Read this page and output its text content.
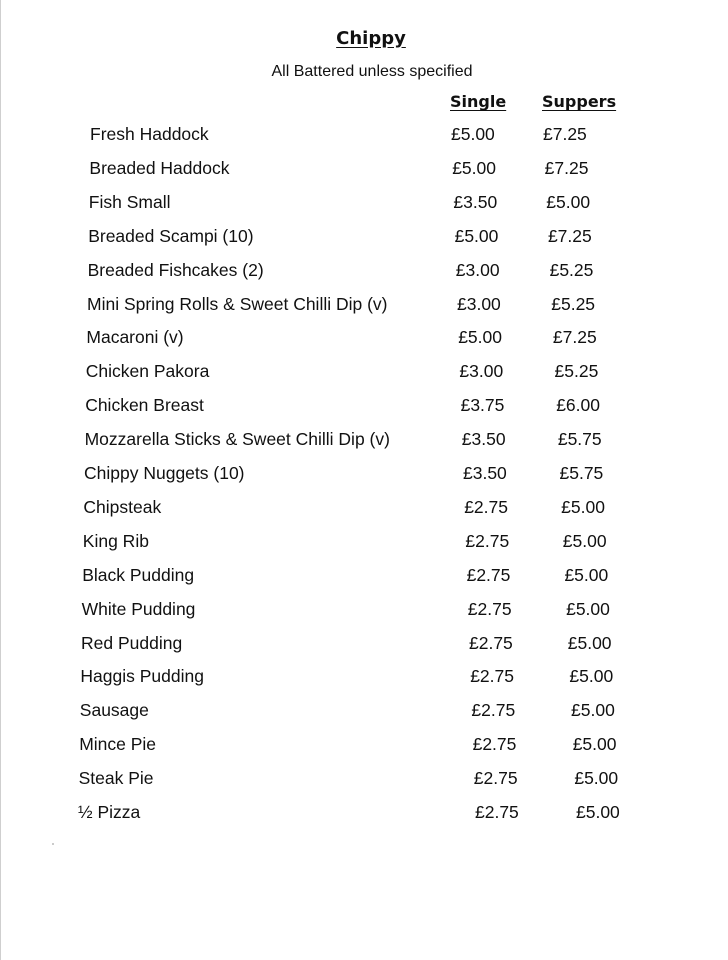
Chippy
All Battered unless specified
Single Suppers
Fresh Haddock	£5.00	£7.25
Breaded Haddock	£5.00	£7.25
Fish Small	£3.50	£5.00
Breaded Scampi (10)	£5.00	£7.25
Breaded Fishcakes (2)	£3.00	£5.25
Mini Spring Rolls & Sweet Chilli Dip (v)	£3.00	£5.25
Macaroni (v)	£5.00	£7.25
Chicken Pakora	£3.00	£5.25
Chicken Breast	£3.75	£6.00
Mozzarella Sticks & Sweet Chilli Dip (v)	£3.50	£5.75
Chippy Nuggets (10)	£3.50	£5.75
Chipsteak	£2.75	£5.00
King Rib	£2.75	£5.00
Black Pudding	£2.75	£5.00
White Pudding	£2.75	£5.00
Red Pudding	£2.75	£5.00
Haggis Pudding	£2.75	£5.00
Sausage	£2.75	£5.00
Mince Pie	£2.75	£5.00
Steak Pie	£2.75	£5.00
½ Pizza	£2.75	£5.00
